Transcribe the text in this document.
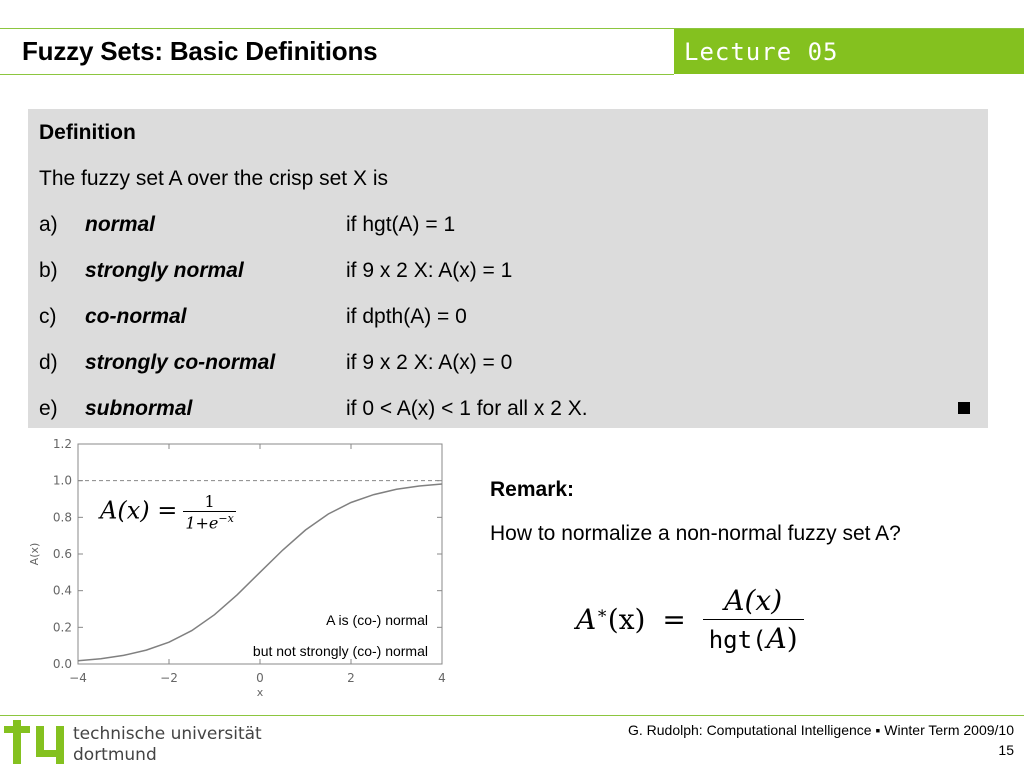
Fuzzy Sets: Basic Definitions	Lecture 05
Definition
The fuzzy set A over the crisp set X is
a) normal	if hgt(A) = 1
b) strongly normal	if 9 x 2 X: A(x) = 1
c) co-normal	if dpth(A) = 0
d) strongly co-normal	if 9 x 2 X: A(x) = 0
e) subnormal	if 0 < A(x) < 1 for all x 2 X.
0.0
0.2
0.4
0.6
0.8
1.0
1.2
−4	−2	0	2	4
x
A(x)
$A(x) = \frac{1}{1+e^{-x}}$
A is (co-) normal
but not strongly (co-) normal
Remark:
How to normalize a non-normal fuzzy set A?
$A^∗(x) = \frac{A(x)}{\text{hgt(A)}}$
technische universität
dortmund
G. Rudolph: Computational Intelligence ▪ Winter Term 2009/10
15
